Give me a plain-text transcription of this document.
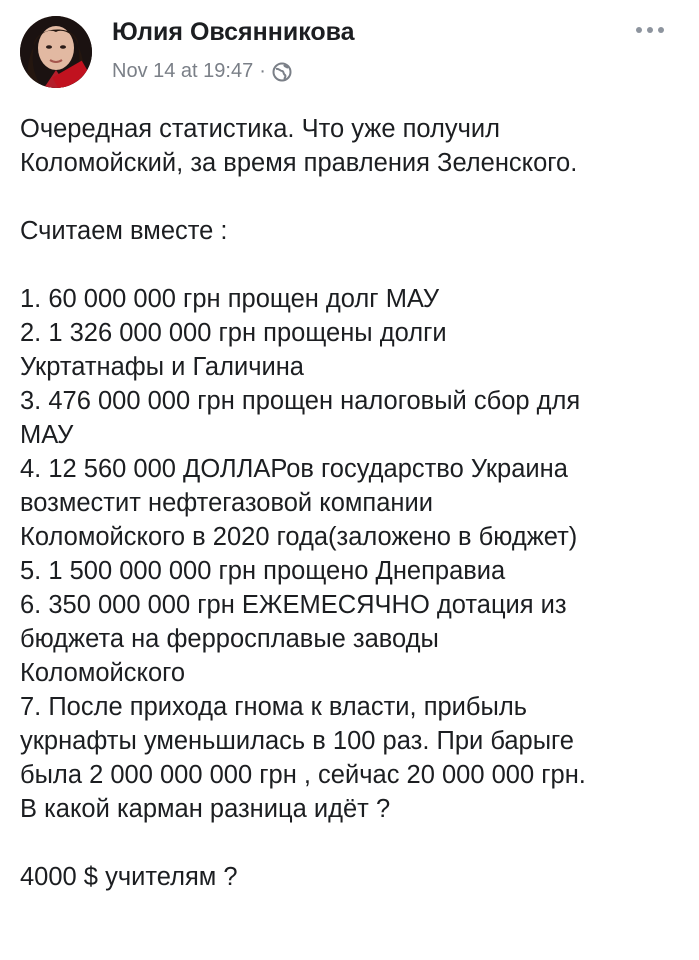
Юлия Овсянникова
Nov 14 at 19:47 ·
Очередная статистика. Что уже получил
Коломойский, за время правления Зеленского.
Считаем вместе :
1. 60 000 000 грн прощен долг МАУ
2. 1 326 000 000 грн прощены долги
Укртатнафы и Галичина
3. 476 000 000 грн прощен налоговый сбор для
МАУ
4. 12 560 000 ДОЛЛАРов государство Украина
возместит нефтегазовой компании
Коломойского в 2020 года(заложено в бюджет)
5. 1 500 000 000 грн прощено Днеправиа
6. 350 000 000 грн ЕЖЕМЕСЯЧНО дотация из
бюджета на ферросплавые заводы
Коломойского
7. После прихода гнома к власти, прибыль
укрнафты уменьшилась в 100 раз. При барыге
была 2 000 000 000 грн , сейчас 20 000 000 грн.
В какой карман разница идёт ?
4000 $ учителям ?
